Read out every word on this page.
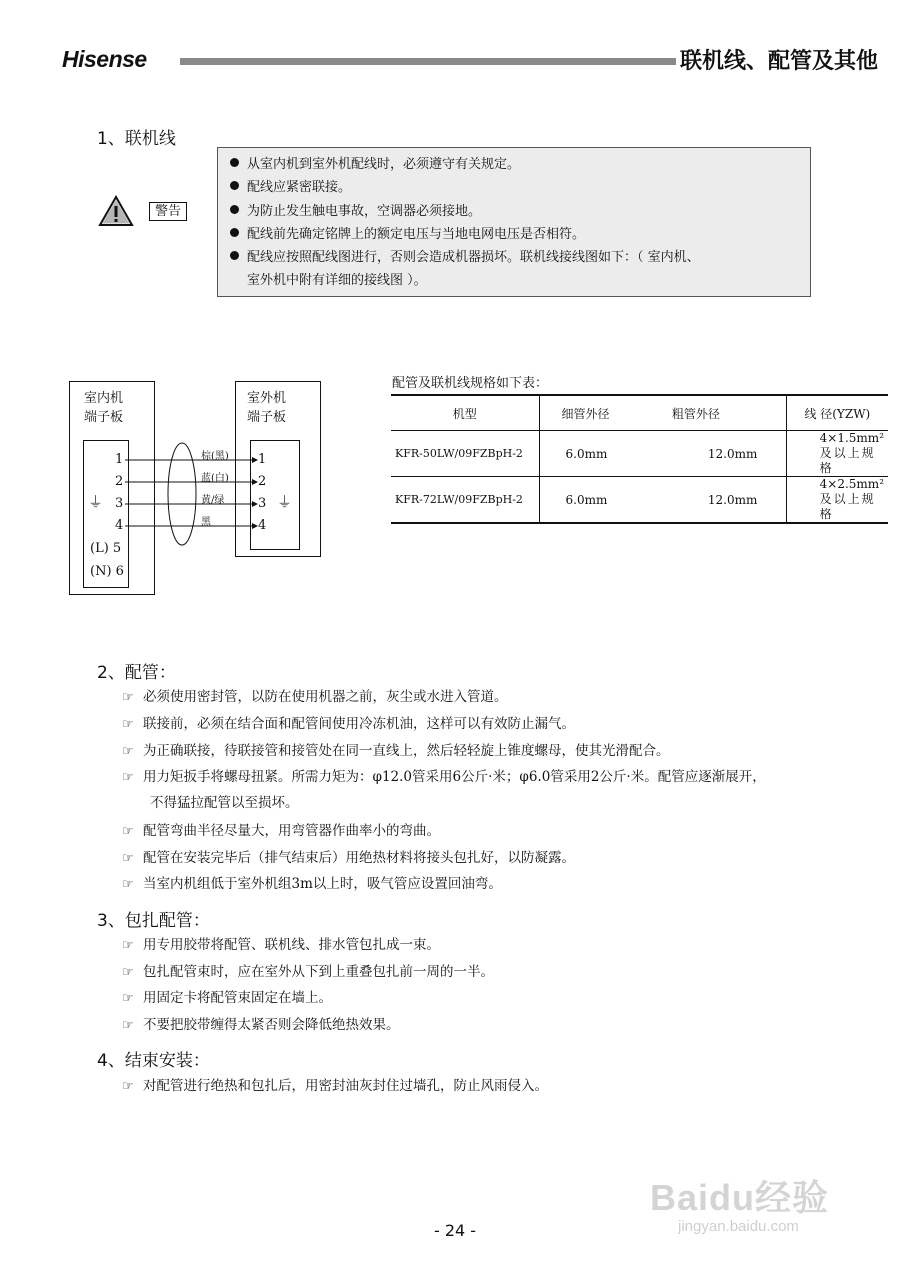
Hisense	联机线、配管及其他
1、联机线
警告
从室内机到室外机配线时，必须遵守有关规定。
配线应紧密联接。
为防止发生触电事故，空调器必须接地。
配线前先确定铭牌上的额定电压与当地电网电压是否相符。
配线应按照配线图进行，否则会造成机器损坏。联机线接线图如下：（ 室内机、
室外机中附有详细的接线图 ）。
室内机
端子板
1
2
3
4
(L) 5
(N) 6
⏚
室外机
端子板
1
2
3
4
⏚
棕(黑)
蓝(白)
黄/绿
黑
配管及联机线规格如下表：
机型	细管外径	粗管外径	线 径(YZW)
KFR-50LW/09FZBpH-2	6.0mm	12.0mm	4×1.5mm²
及以上规格

KFR-72LW/09FZBpH-2	6.0mm	12.0mm	4×2.5mm²
及以上规格
2、配管：
☞ 必须使用密封管，以防在使用机器之前，灰尘或水进入管道。
☞ 联接前，必须在结合面和配管间使用冷冻机油，这样可以有效防止漏气。
☞ 为正确联接，待联接管和接管处在同一直线上，然后轻轻旋上锥度螺母，使其光滑配合。
☞ 用力矩扳手将螺母扭紧。所需力矩为：φ12.0管采用6公斤·米；φ6.0管采用2公斤·米。配管应逐渐展开，
不得猛拉配管以至损坏。
☞ 配管弯曲半径尽量大，用弯管器作曲率小的弯曲。
☞ 配管在安装完毕后（排气结束后）用绝热材料将接头包扎好，以防凝露。
☞ 当室内机组低于室外机组3m以上时，吸气管应设置回油弯。
3、包扎配管：
☞ 用专用胶带将配管、联机线、排水管包扎成一束。
☞ 包扎配管束时，应在室外从下到上重叠包扎前一周的一半。
☞ 用固定卡将配管束固定在墙上。
☞ 不要把胶带缠得太紧否则会降低绝热效果。
4、结束安装：
☞ 对配管进行绝热和包扎后，用密封油灰封住过墙孔，防止风雨侵入。
Baidu经验
jingyan.baidu.com
- 24 -
